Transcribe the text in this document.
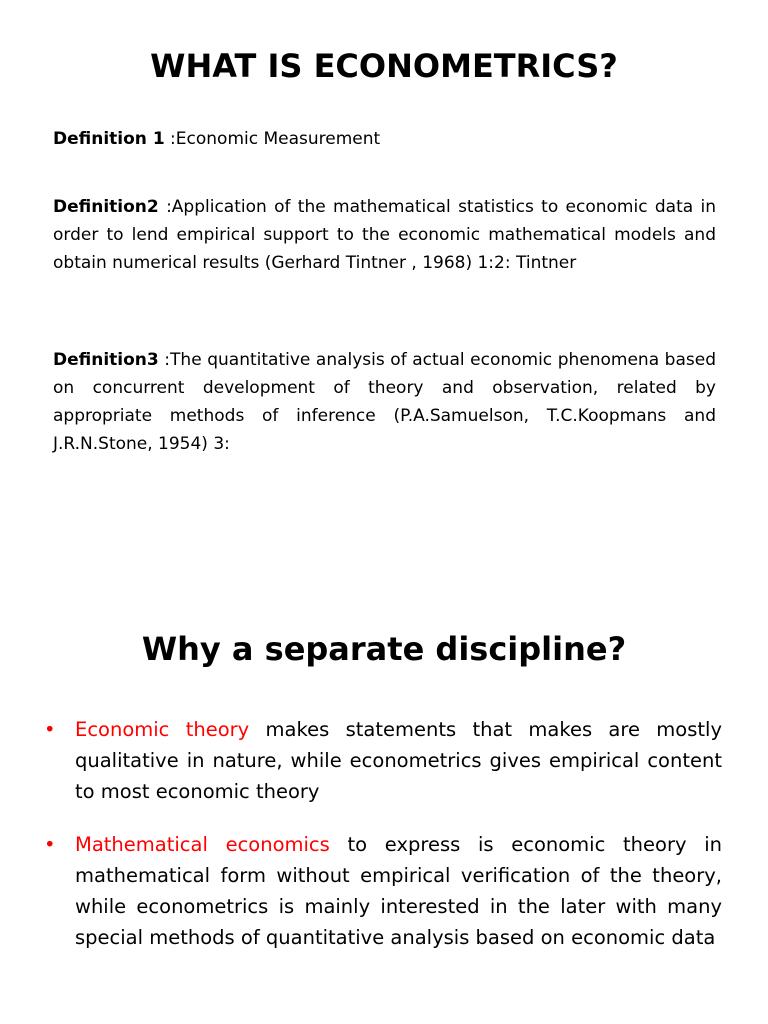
WHAT IS ECONOMETRICS?
Definition 1 :Economic Measurement
Definition2 :Application of the mathematical statistics to economic data in order to lend empirical support to the economic mathematical models and obtain numerical results (Gerhard Tintner , 1968) 1:2: Tintner
Definition3 :The quantitative analysis of actual economic phenomena based on concurrent development of theory and observation, related by appropriate methods of inference (P.A.Samuelson, T.C.Koopmans and J.R.N.Stone, 1954) 3:
Why a separate discipline?
• Economic theory makes statements that makes are mostly qualitative in nature, while econometrics gives empirical content to most economic theory
• Mathematical economics to express is economic theory in mathematical form without empirical verification of the theory, while econometrics is mainly interested in the later with many special methods of quantitative analysis based on economic data
